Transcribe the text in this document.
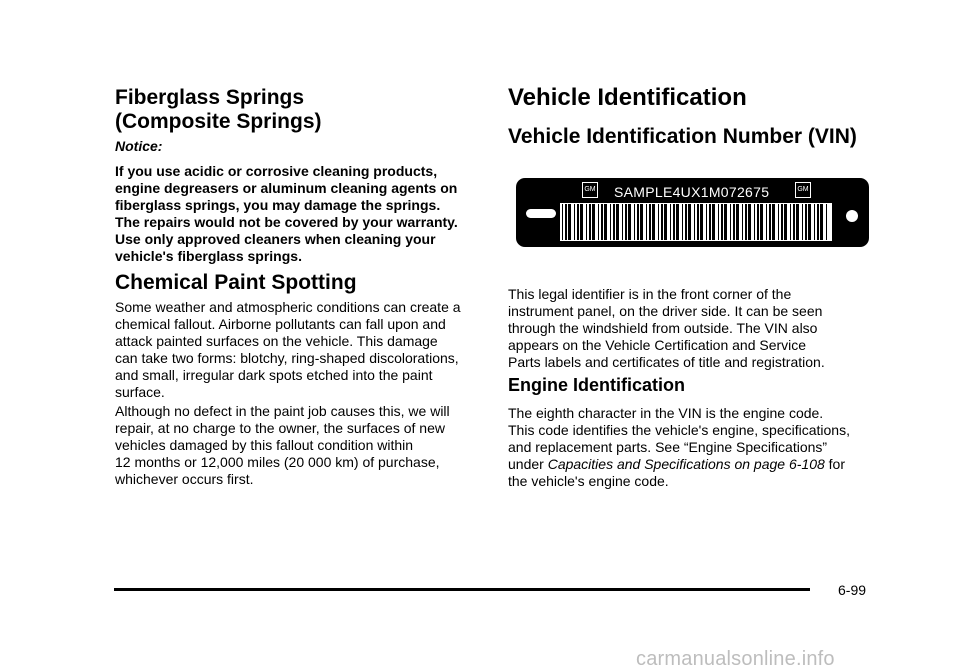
Fiberglass Springs
(Composite Springs)

Notice:

If you use acidic or corrosive cleaning products,
engine degreasers or aluminum cleaning agents on
fiberglass springs, you may damage the springs.
The repairs would not be covered by your warranty.
Use only approved cleaners when cleaning your
vehicle's fiberglass springs.

Chemical Paint Spotting

Some weather and atmospheric conditions can create a
chemical fallout. Airborne pollutants can fall upon and
attack painted surfaces on the vehicle. This damage
can take two forms: blotchy, ring-shaped discolorations,
and small, irregular dark spots etched into the paint
surface.

Although no defect in the paint job causes this, we will
repair, at no charge to the owner, the surfaces of new
vehicles damaged by this fallout condition within
12 months or 12,000 miles (20 000 km) of purchase,
whichever occurs first.

Vehicle Identification
Vehicle Identification Number (VIN)

This legal identifier is in the front corner of the
instrument panel, on the driver side. It can be seen
through the windshield from outside. The VIN also
appears on the Vehicle Certification and Service
Parts labels and certificates of title and registration.

Engine Identification

The eighth character in the VIN is the engine code.
This code identifies the vehicle's engine, specifications,
and replacement parts. See “Engine Specifications”
under Capacities and Specifications on page 6-108 for
the vehicle's engine code.

GM	GM
SAMPLE4UX1M072675
6-99
carmanualsonline.info
